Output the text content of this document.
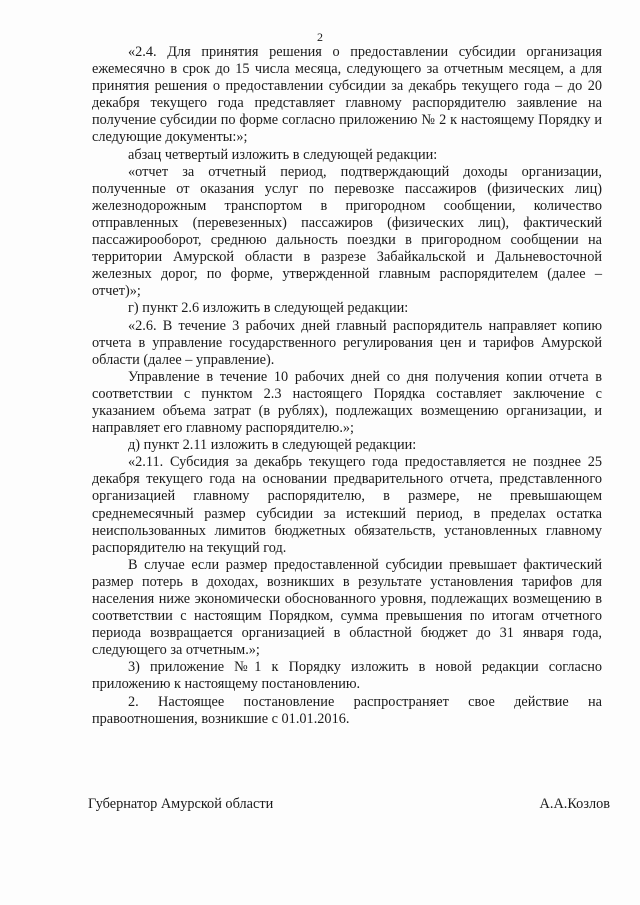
2

«2.4. Для принятия решения о предоставлении субсидии организация ежемесячно в срок до 15 числа месяца, следующего за отчетным месяцем, а для принятия решения о предоставлении субсидии за декабрь текущего года – до 20 декабря текущего года представляет главному распорядителю заявление на получение субсидии по форме согласно приложению № 2 к настоящему Порядку и следующие документы:»;

абзац четвертый изложить в следующей редакции:

«отчет за отчетный период, подтверждающий доходы организации, полученные от оказания услуг по перевозке пассажиров (физических лиц) железнодорожным транспортом в пригородном сообщении, количество отправленных (перевезенных) пассажиров (физических лиц), фактический пассажирооборот, среднюю дальность поездки в пригородном сообщении на территории Амурской области в разрезе Забайкальской и Дальневосточной железных дорог, по форме, утвержденной главным распорядителем (далее – отчет)»;

г) пункт 2.6 изложить в следующей редакции:

«2.6. В течение 3 рабочих дней главный распорядитель направляет копию отчета в управление государственного регулирования цен и тарифов Амурской области (далее – управление).

Управление в течение 10 рабочих дней со дня получения копии отчета в соответствии с пунктом 2.3 настоящего Порядка составляет заключение с указанием объема затрат (в рублях), подлежащих возмещению организации, и направляет его главному распорядителю.»;

д) пункт 2.11 изложить в следующей редакции:

«2.11. Субсидия за декабрь текущего года предоставляется не позднее 25 декабря текущего года на основании предварительного отчета, представленного организацией главному распорядителю, в размере, не превышающем среднемесячный размер субсидии за истекший период, в пределах остатка неиспользованных лимитов бюджетных обязательств, установленных главному распорядителю на текущий год.

В случае если размер предоставленной субсидии превышает фактический размер потерь в доходах, возникших в результате установления тарифов для населения ниже экономически обоснованного уровня, подлежащих возмещению в соответствии с настоящим Порядком, сумма превышения по итогам отчетного периода возвращается организацией в областной бюджет до 31 января года, следующего за отчетным.»;

3) приложение №1 к Порядку изложить в новой редакции согласно приложению к настоящему постановлению.

2. Настоящее постановление распространяет свое действие на правоотношения, возникшие с 01.01.2016.

Губернатор Амурской области	А.А.Козлов
